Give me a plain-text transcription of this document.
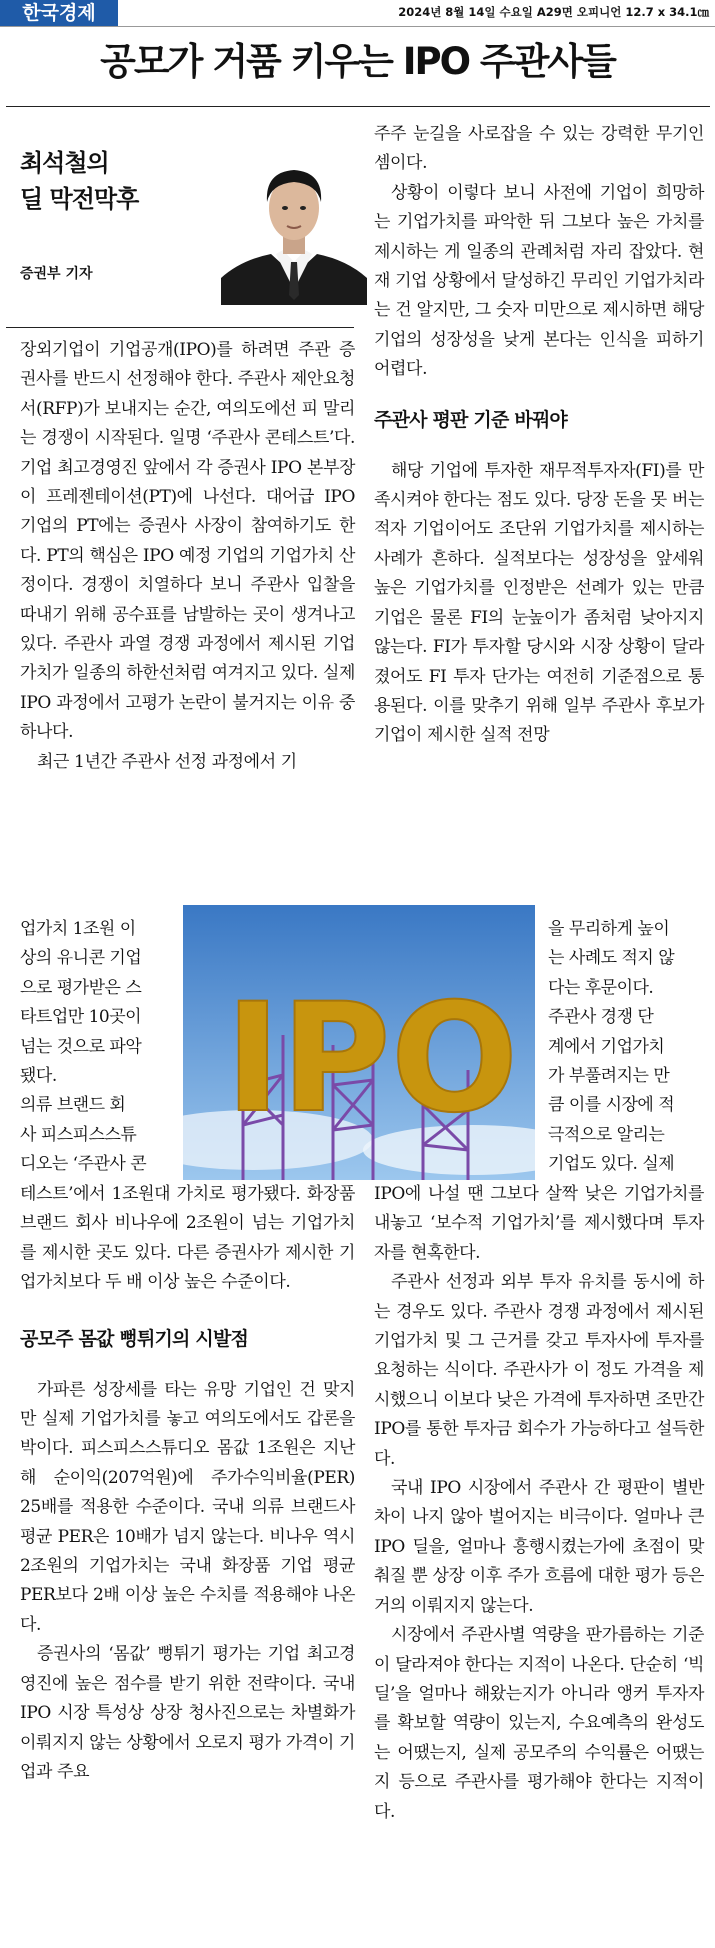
한국경제	2024년 8월 14일 수요일 A29면 오피니언 12.7 x 34.1㎝
공모가 거품 키우는 IPO 주관사들
최석철의
딜 막전막후
증권부 기자

장외기업이 기업공개(IPO)를 하려면 주관 증권사를 반드시 선정해야 한다. 주관사 제안요청서(RFP)가 보내지는 순간, 여의도에선 피 말리는 경쟁이 시작된다. 일명 ‘주관사 콘테스트’다. 기업 최고경영진 앞에서 각 증권사 IPO 본부장이 프레젠테이션(PT)에 나선다. 대어급 IPO 기업의 PT에는 증권사 사장이 참여하기도 한다. PT의 핵심은 IPO 예정 기업의 기업가치 산정이다. 경쟁이 치열하다 보니 주관사 입찰을 따내기 위해 공수표를 남발하는 곳이 생겨나고 있다. 주관사 과열 경쟁 과정에서 제시된 기업가치가 일종의 하한선처럼 여겨지고 있다. 실제 IPO 과정에서 고평가 논란이 불거지는 이유 중 하나다.

최근 1년간 주관사 선정 과정에서 기

업가치 1조원 이

상의 유니콘 기업

으로 평가받은 스

타트업만 10곳이

넘는 것으로 파악

됐다.

의류 브랜드 회

사 피스피스스튜

디오는 ‘주관사 콘

테스트’에서 1조원대 가치로 평가됐다. 화장품 브랜드 회사 비나우에 2조원이 넘는 기업가치를 제시한 곳도 있다. 다른 증권사가 제시한 기업가치보다 두 배 이상 높은 수준이다.

공모주 몸값 뻥튀기의 시발점

가파른 성장세를 타는 유망 기업인 건 맞지만 실제 기업가치를 놓고 여의도에서도 갑론을박이다. 피스피스스튜디오 몸값 1조원은 지난해 순이익(207억원)에 주가수익비율(PER) 25배를 적용한 수준이다. 국내 의류 브랜드사 평균 PER은 10배가 넘지 않는다. 비나우 역시 2조원의 기업가치는 국내 화장품 기업 평균 PER보다 2배 이상 높은 수치를 적용해야 나온다.

증권사의 ‘몸값’ 뻥튀기 평가는 기업 최고경영진에 높은 점수를 받기 위한 전략이다. 국내 IPO 시장 특성상 상장 청사진으로는 차별화가 이뤄지지 않는 상황에서 오로지 평가 가격이 기업과 주요

IPO

주주 눈길을 사로잡을 수 있는 강력한 무기인 셈이다.

상황이 이렇다 보니 사전에 기업이 희망하는 기업가치를 파악한 뒤 그보다 높은 가치를 제시하는 게 일종의 관례처럼 자리 잡았다. 현재 기업 상황에서 달성하긴 무리인 기업가치라는 건 알지만, 그 숫자 미만으로 제시하면 해당 기업의 성장성을 낮게 본다는 인식을 피하기 어렵다.

주관사 평판 기준 바꿔야

해당 기업에 투자한 재무적투자자(FI)를 만족시켜야 한다는 점도 있다. 당장 돈을 못 버는 적자 기업이어도 조단위 기업가치를 제시하는 사례가 흔하다. 실적보다는 성장성을 앞세워 높은 기업가치를 인정받은 선례가 있는 만큼 기업은 물론 FI의 눈높이가 좀처럼 낮아지지 않는다. FI가 투자할 당시와 시장 상황이 달라졌어도 FI 투자 단가는 여전히 기준점으로 통용된다. 이를 맞추기 위해 일부 주관사 후보가 기업이 제시한 실적 전망

을 무리하게 높이

는 사례도 적지 않

다는 후문이다.

주관사 경쟁 단

계에서 기업가치

가 부풀려지는 만

큼 이를 시장에 적

극적으로 알리는

기업도 있다. 실제

IPO에 나설 땐 그보다 살짝 낮은 기업가치를 내놓고 ‘보수적 기업가치’를 제시했다며 투자자를 현혹한다.

주관사 선정과 외부 투자 유치를 동시에 하는 경우도 있다. 주관사 경쟁 과정에서 제시된 기업가치 및 그 근거를 갖고 투자사에 투자를 요청하는 식이다. 주관사가 이 정도 가격을 제시했으니 이보다 낮은 가격에 투자하면 조만간 IPO를 통한 투자금 회수가 가능하다고 설득한다.

국내 IPO 시장에서 주관사 간 평판이 별반 차이 나지 않아 벌어지는 비극이다. 얼마나 큰 IPO 딜을, 얼마나 흥행시켰는가에 초점이 맞춰질 뿐 상장 이후 주가 흐름에 대한 평가 등은 거의 이뤄지지 않는다.

시장에서 주관사별 역량을 판가름하는 기준이 달라져야 한다는 지적이 나온다. 단순히 ‘빅딜’을 얼마나 해왔는지가 아니라 앵커 투자자를 확보할 역량이 있는지, 수요예측의 완성도는 어땠는지, 실제 공모주의 수익률은 어땠는지 등으로 주관사를 평가해야 한다는 지적이다.
